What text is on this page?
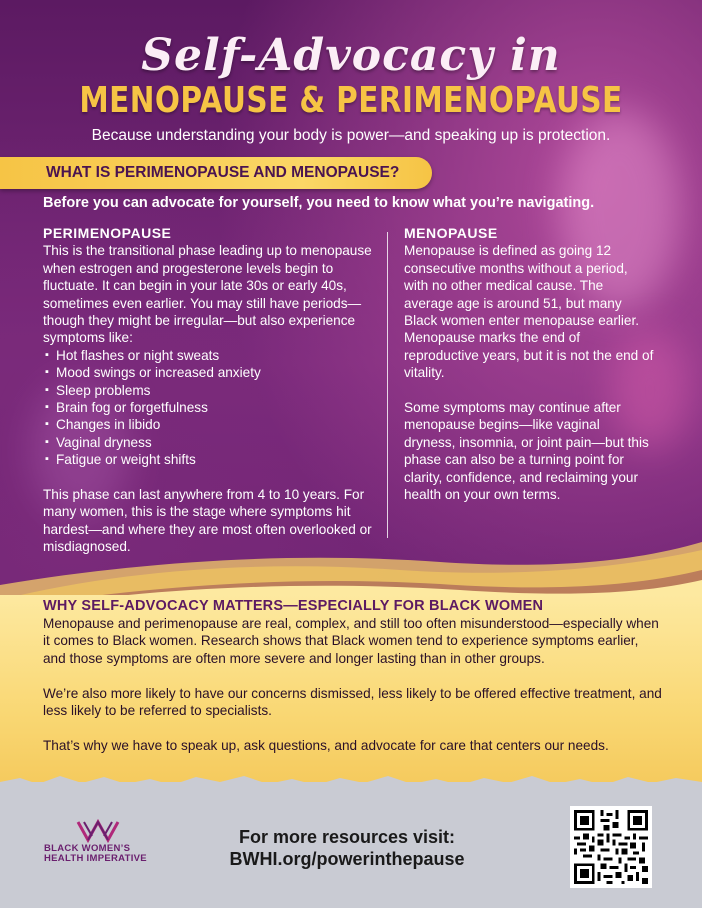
Self-Advocacy in
MENOPAUSE & PERIMENOPAUSE
Because understanding your body is power—and speaking up is protection.
WHAT IS PERIMENOPAUSE AND MENOPAUSE?
Before you can advocate for yourself, you need to know what you’re navigating.
PERIMENOPAUSE

This is the transitional phase leading up to menopause when estrogen and progesterone levels begin to fluctuate. It can begin in your late 30s or early 40s, sometimes even earlier. You may still have periods—though they might be irregular—but also experience symptoms like:

▪ Hot flashes or night sweats
▪ Mood swings or increased anxiety
▪ Sleep problems
▪ Brain fog or forgetfulness
▪ Changes in libido
▪ Vaginal dryness
▪ Fatigue or weight shifts

This phase can last anywhere from 4 to 10 years. For many women, this is the stage where symptoms hit hardest—and where they are most often overlooked or misdiagnosed.

MENOPAUSE

Menopause is defined as going 12 consecutive months without a period, with no other medical cause. The average age is around 51, but many Black women enter menopause earlier. Menopause marks the end of reproductive years, but it is not the end of vitality.

Some symptoms may continue after menopause begins—like vaginal dryness, insomnia, or joint pain—but this phase can also be a turning point for clarity, confidence, and reclaiming your health on your own terms.

WHY SELF-ADVOCACY MATTERS—ESPECIALLY FOR BLACK WOMEN

Menopause and perimenopause are real, complex, and still too often misunderstood—especially when it comes to Black women. Research shows that Black women tend to experience symptoms earlier, and those symptoms are often more severe and longer lasting than in other groups.

We’re also more likely to have our concerns dismissed, less likely to be offered effective treatment, and less likely to be referred to specialists.

That’s why we have to speak up, ask questions, and advocate for care that centers our needs.

BLACK WOMEN’S
HEALTH IMPERATIVE
For more resources visit:
BWHI.org/powerinthepause
